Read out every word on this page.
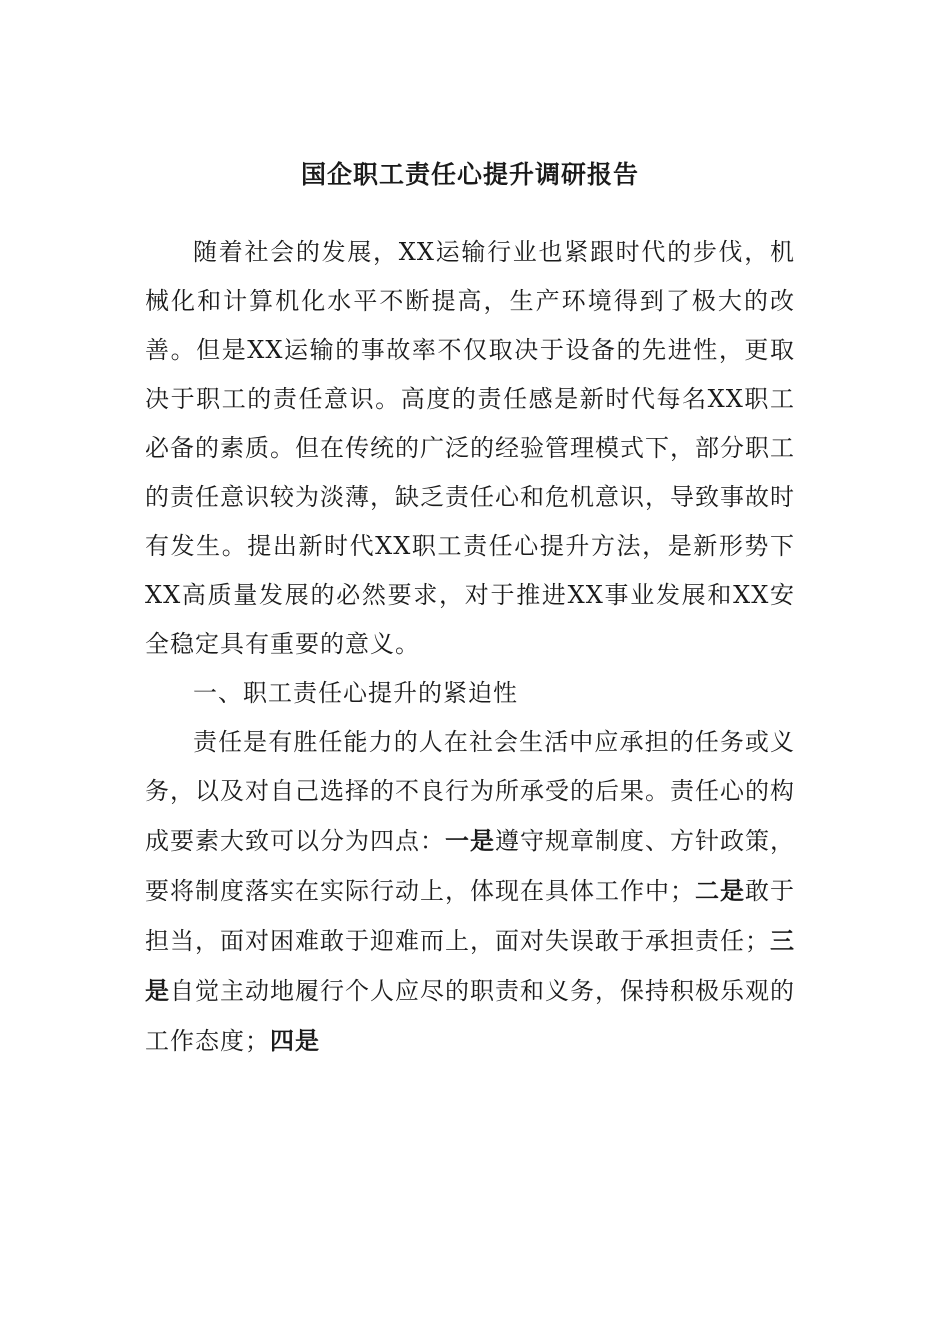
国企职工责任心提升调研报告

随着社会的发展，XX运输行业也紧跟时代的步伐，机械化和计算机化水平不断提高，生产环境得到了极大的改善。但是XX运输的事故率不仅取决于设备的先进性，更取决于职工的责任意识。高度的责任感是新时代每名XX职工必备的素质。但在传统的广泛的经验管理模式下，部分职工的责任意识较为淡薄，缺乏责任心和危机意识，导致事故时有发生。提出新时代XX职工责任心提升方法，是新形势下XX高质量发展的必然要求，对于推进XX事业发展和XX安全稳定具有重要的意义。

一、职工责任心提升的紧迫性

责任是有胜任能力的人在社会生活中应承担的任务或义务，以及对自己选择的不良行为所承受的后果。责任心的构成要素大致可以分为四点：一是遵守规章制度、方针政策，要将制度落实在实际行动上，体现在具体工作中；二是敢于担当，面对困难敢于迎难而上，面对失误敢于承担责任；三是自觉主动地履行个人应尽的职责和义务，保持积极乐观的工作态度；四是
